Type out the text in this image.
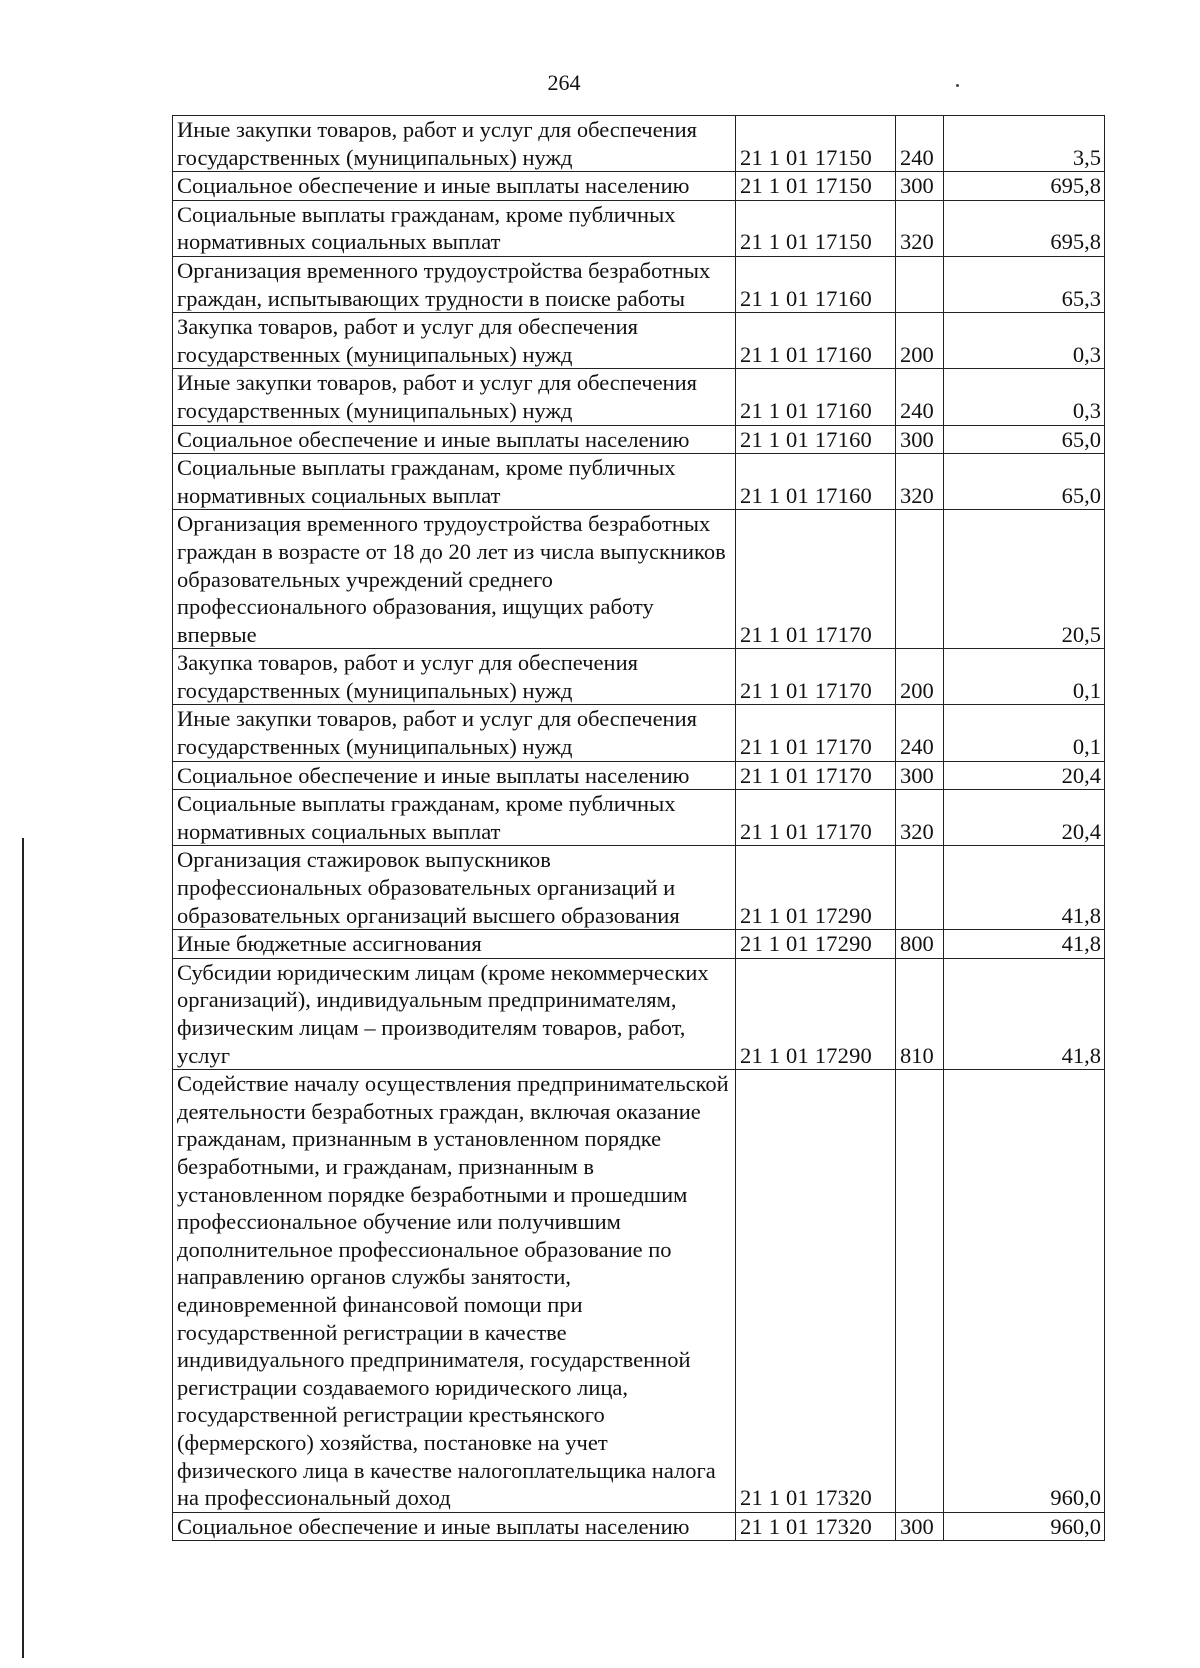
264
Иные закупки товаров, работ и услуг для обеспечения государственных (муниципальных) нужд	21 1 01 17150	240	3,5
Социальное обеспечение и иные выплаты населению	21 1 01 17150	300	695,8
Социальные выплаты гражданам, кроме публичных нормативных социальных выплат	21 1 01 17150	320	695,8
Организация временного трудоустройства безработных граждан, испытывающих трудности в поиске работы	21 1 01 17160		65,3
Закупка товаров, работ и услуг для обеспечения государственных (муниципальных) нужд	21 1 01 17160	200	0,3
Иные закупки товаров, работ и услуг для обеспечения государственных (муниципальных) нужд	21 1 01 17160	240	0,3
Социальное обеспечение и иные выплаты населению	21 1 01 17160	300	65,0
Социальные выплаты гражданам, кроме публичных нормативных социальных выплат	21 1 01 17160	320	65,0
Организация временного трудоустройства безработных граждан в возрасте от 18 до 20 лет из числа выпускников образовательных учреждений среднего профессионального образования, ищущих работу впервые	21 1 01 17170		20,5
Закупка товаров, работ и услуг для обеспечения государственных (муниципальных) нужд	21 1 01 17170	200	0,1
Иные закупки товаров, работ и услуг для обеспечения государственных (муниципальных) нужд	21 1 01 17170	240	0,1
Социальное обеспечение и иные выплаты населению	21 1 01 17170	300	20,4
Социальные выплаты гражданам, кроме публичных нормативных социальных выплат	21 1 01 17170	320	20,4
Организация стажировок выпускников профессиональных образовательных организаций и образовательных организаций высшего образования	21 1 01 17290		41,8
Иные бюджетные ассигнования	21 1 01 17290	800	41,8
Субсидии юридическим лицам (кроме некоммерческих организаций), индивидуальным предпринимателям, физическим лицам – производителям товаров, работ, услуг	21 1 01 17290	810	41,8
Содействие началу осуществления предпринимательской деятельности безработных граждан, включая оказание гражданам, признанным в установленном порядке безработными, и гражданам, признанным в установленном порядке безработными и прошедшим профессиональное обучение или получившим дополнительное профессиональное образование по направлению органов службы занятости, единовременной финансовой помощи при государственной регистрации в качестве индивидуального предпринимателя, государственной регистрации создаваемого юридического лица, государственной регистрации крестьянского (фермерского) хозяйства, постановке на учет физического лица в качестве налогоплательщика налога на профессиональный доход	21 1 01 17320		960,0
Социальное обеспечение и иные выплаты населению	21 1 01 17320	300	960,0
